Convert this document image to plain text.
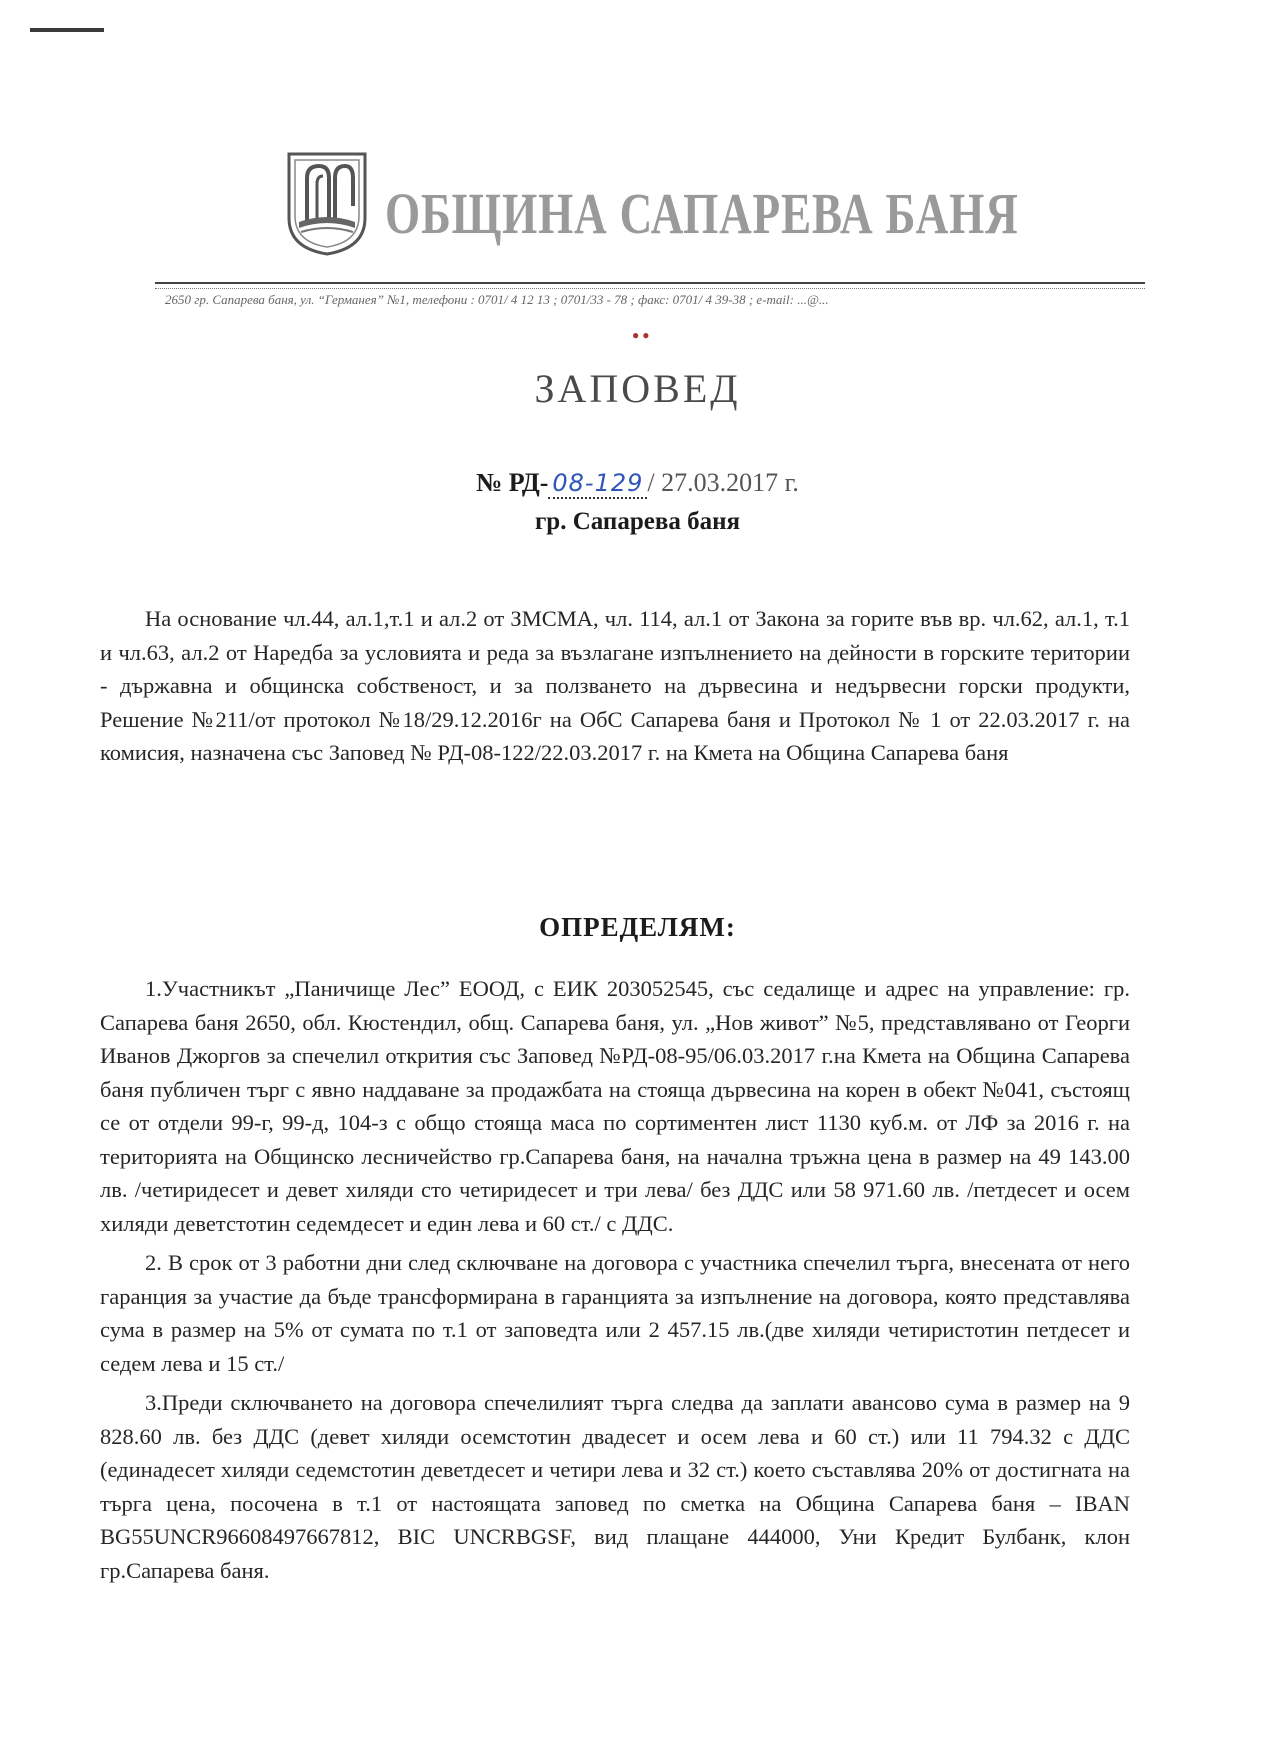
ОБЩИНА САПАРЕВА БАНЯ
2650 гр. Сапарева баня, ул. “Германея” №1, телефони : 0701/ 4 12 13 ; 0701/33 - 78 ; факс: 0701/ 4 39-38 ; e-mail: ...@...
● ●
ЗАПОВЕД
№ РД- 08-129 / 27.03.2017 г.
гр. Сапарева баня

На основание чл.44, ал.1,т.1 и ал.2 от ЗМСМА, чл. 114, ал.1 от Закона за горите във вр. чл.62, ал.1, т.1 и чл.63, ал.2 от Наредба за условията и реда за възлагане изпълнението на дейности в горските територии - държавна и общинска собственост, и за ползването на дървесина и недървесни горски продукти, Решение №211/от протокол №18/29.12.2016г на ОбС Сапарева баня и Протокол № 1 от 22.03.2017 г. на комисия, назначена със Заповед № РД-08-122/22.03.2017 г. на Кмета на Община Сапарева баня

ОПРЕДЕЛЯМ:

1.Участникът „Паничище Лес” ЕООД, с ЕИК 203052545, със седалище и адрес на управление: гр. Сапарева баня 2650, обл. Кюстендил, общ. Сапарева баня, ул. „Нов живот” №5, представлявано от Георги Иванов Джоргов за спечелил открития със Заповед №РД-08-95/06.03.2017 г.на Кмета на Община Сапарева баня публичен търг с явно наддаване за продажбата на стояща дървесина на корен в обект №041, състоящ се от отдели 99-г, 99-д, 104-з с общо стояща маса по сортиментен лист 1130 куб.м. от ЛФ за 2016 г. на територията на Общинско лесничейство гр.Сапарева баня, на начална тръжна цена в размер на 49 143.00 лв. /четиридесет и девет хиляди сто четиридесет и три лева/ без ДДС или 58 971.60 лв. /петдесет и осем хиляди деветстотин седемдесет и един лева и 60 ст./ с ДДС.

2. В срок от 3 работни дни след сключване на договора с участника спечелил търга, внесената от него гаранция за участие да бъде трансформирана в гаранцията за изпълнение на договора, която представлява сума в размер на 5% от сумата по т.1 от заповедта или 2 457.15 лв.(две хиляди четиристотин петдесет и седем лева и 15 ст./

3.Преди сключването на договора спечелилият търга следва да заплати авансово сума в размер на 9 828.60 лв. без ДДС (девет хиляди осемстотин двадесет и осем лева и 60 ст.) или 11 794.32 с ДДС (единадесет хиляди седемстотин деветдесет и четири лева и 32 ст.) което съставлява 20% от достигната на търга цена, посочена в т.1 от настоящата заповед по сметка на Община Сапарева баня – IBAN BG55UNCR96608497667812, BIC UNCRBGSF, вид плащане 444000, Уни Кредит Булбанк, клон гр.Сапарева баня.
